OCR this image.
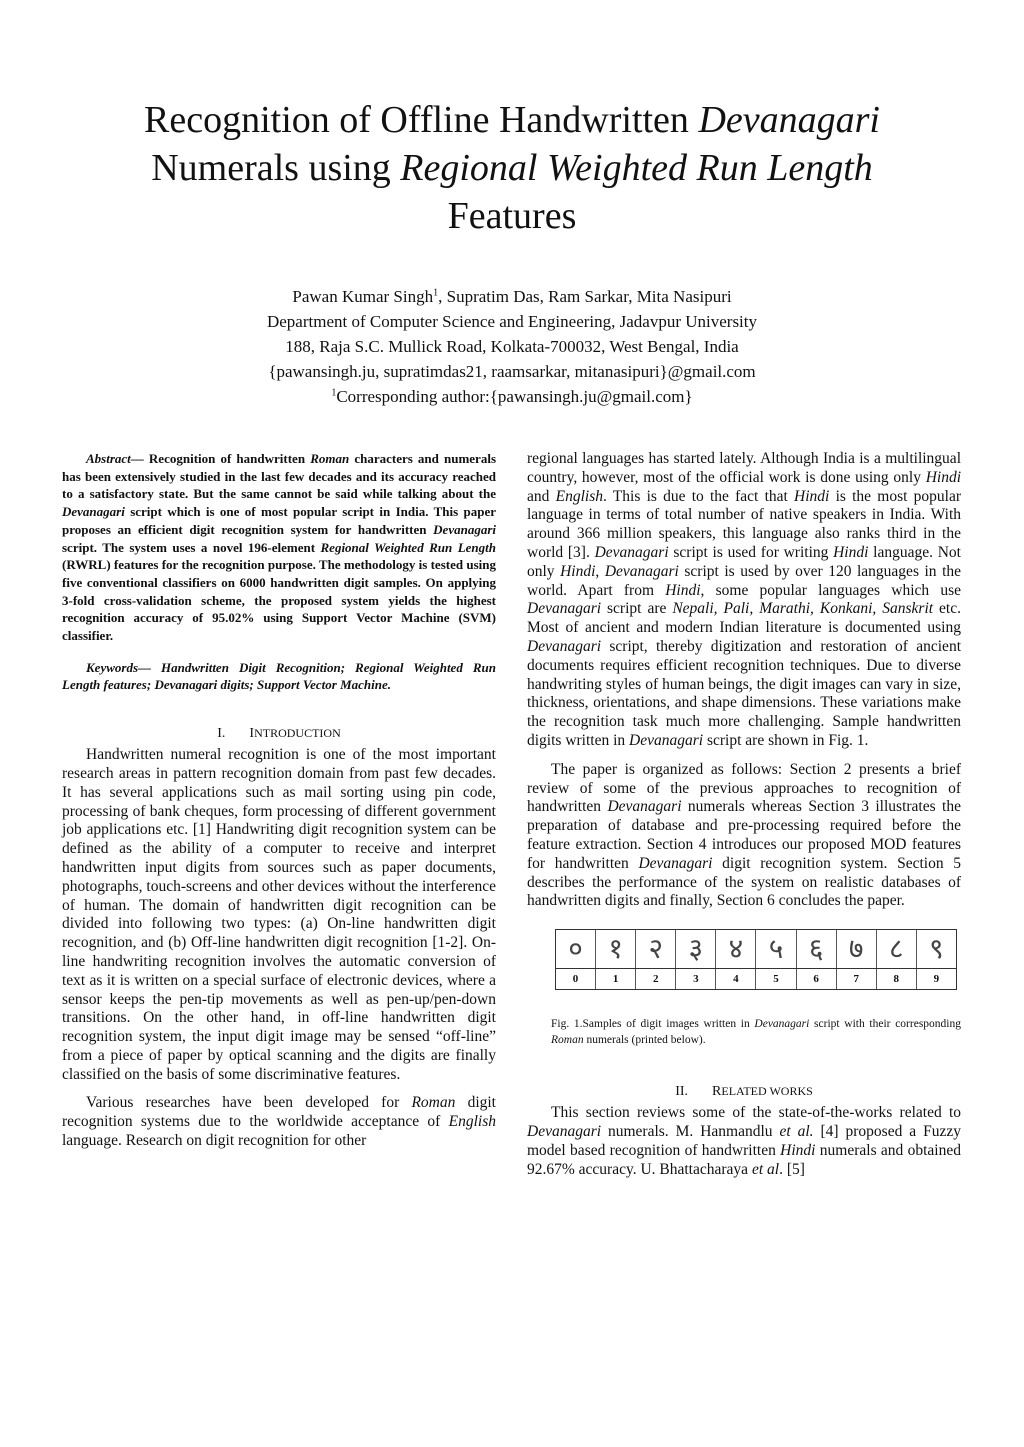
Recognition of Offline Handwritten Devanagari
Numerals using Regional Weighted Run Length
Features
Pawan Kumar Singh$^1$, Supratim Das, Ram Sarkar, Mita Nasipuri
Department of Computer Science and Engineering, Jadavpur University
188, Raja S.C. Mullick Road, Kolkata-700032, West Bengal, India
{pawansingh.ju, supratimdas21, raamsarkar, mitanasipuri}@gmail.com
$^1$Corresponding author:{pawansingh.ju@gmail.com}

Abstract— Recognition of handwritten Roman characters and numerals has been extensively studied in the last few decades and its accuracy reached to a satisfactory state. But the same cannot be said while talking about the Devanagari script which is one of most popular script in India. This paper proposes an efficient digit recognition system for handwritten Devanagari script. The system uses a novel 196-element Regional Weighted Run Length (RWRL) features for the recognition purpose. The methodology is tested using five conventional classifiers on 6000 handwritten digit samples. On applying 3-fold cross-validation scheme, the proposed system yields the highest recognition accuracy of 95.02% using Support Vector Machine (SVM) classifier.

Keywords— Handwritten Digit Recognition; Regional Weighted Run Length features; Devanagari digits; Support Vector Machine.

I. INTRODUCTION

Handwritten numeral recognition is one of the most important research areas in pattern recognition domain from past few decades. It has several applications such as mail sorting using pin code, processing of bank cheques, form processing of different government job applications etc. [1] Handwriting digit recognition system can be defined as the ability of a computer to receive and interpret handwritten input digits from sources such as paper documents, photographs, touch-screens and other devices without the interference of human. The domain of handwritten digit recognition can be divided into following two types: (a) On-line handwritten digit recognition, and (b) Off-line handwritten digit recognition [1-2]. On-line handwriting recognition involves the automatic conversion of text as it is written on a special surface of electronic devices, where a sensor keeps the pen-tip movements as well as pen-up/pen-down transitions. On the other hand, in off-line handwritten digit recognition system, the input digit image may be sensed “off-line” from a piece of paper by optical scanning and the digits are finally classified on the basis of some discriminative features.

Various researches have been developed for Roman digit recognition systems due to the worldwide acceptance of English language. Research on digit recognition for other

regional languages has started lately. Although India is a multilingual country, however, most of the official work is done using only Hindi and English. This is due to the fact that Hindi is the most popular language in terms of total number of native speakers in India. With around 366 million speakers, this language also ranks third in the world [3]. Devanagari script is used for writing Hindi language. Not only Hindi, Devanagari script is used by over 120 languages in the world. Apart from Hindi, some popular languages which use Devanagari script are Nepali, Pali, Marathi, Konkani, Sanskrit etc. Most of ancient and modern Indian literature is documented using Devanagari script, thereby digitization and restoration of ancient documents requires efficient recognition techniques. Due to diverse handwriting styles of human beings, the digit images can vary in size, thickness, orientations, and shape dimensions. These variations make the recognition task much more challenging. Sample handwritten digits written in Devanagari script are shown in Fig. 1.

The paper is organized as follows: Section 2 presents a brief review of some of the previous approaches to recognition of handwritten Devanagari numerals whereas Section 3 illustrates the preparation of database and pre-processing required before the feature extraction. Section 4 introduces our proposed MOD features for handwritten Devanagari digit recognition system. Section 5 describes the performance of the system on realistic databases of handwritten digits and finally, Section 6 concludes the paper.

० १ २ ३ ४ ५ ६ ७ ८ ९
0	1	2	3	4	5	6	7	8	9

Fig. 1.Samples of digit images written in Devanagari script with their corresponding Roman numerals (printed below).

II. RELATED WORKS

This section reviews some of the state-of-the-works related to Devanagari numerals. M. Hanmandlu et al. [4] proposed a Fuzzy model based recognition of handwritten Hindi numerals and obtained 92.67% accuracy. U. Bhattacharaya et al. [5]
